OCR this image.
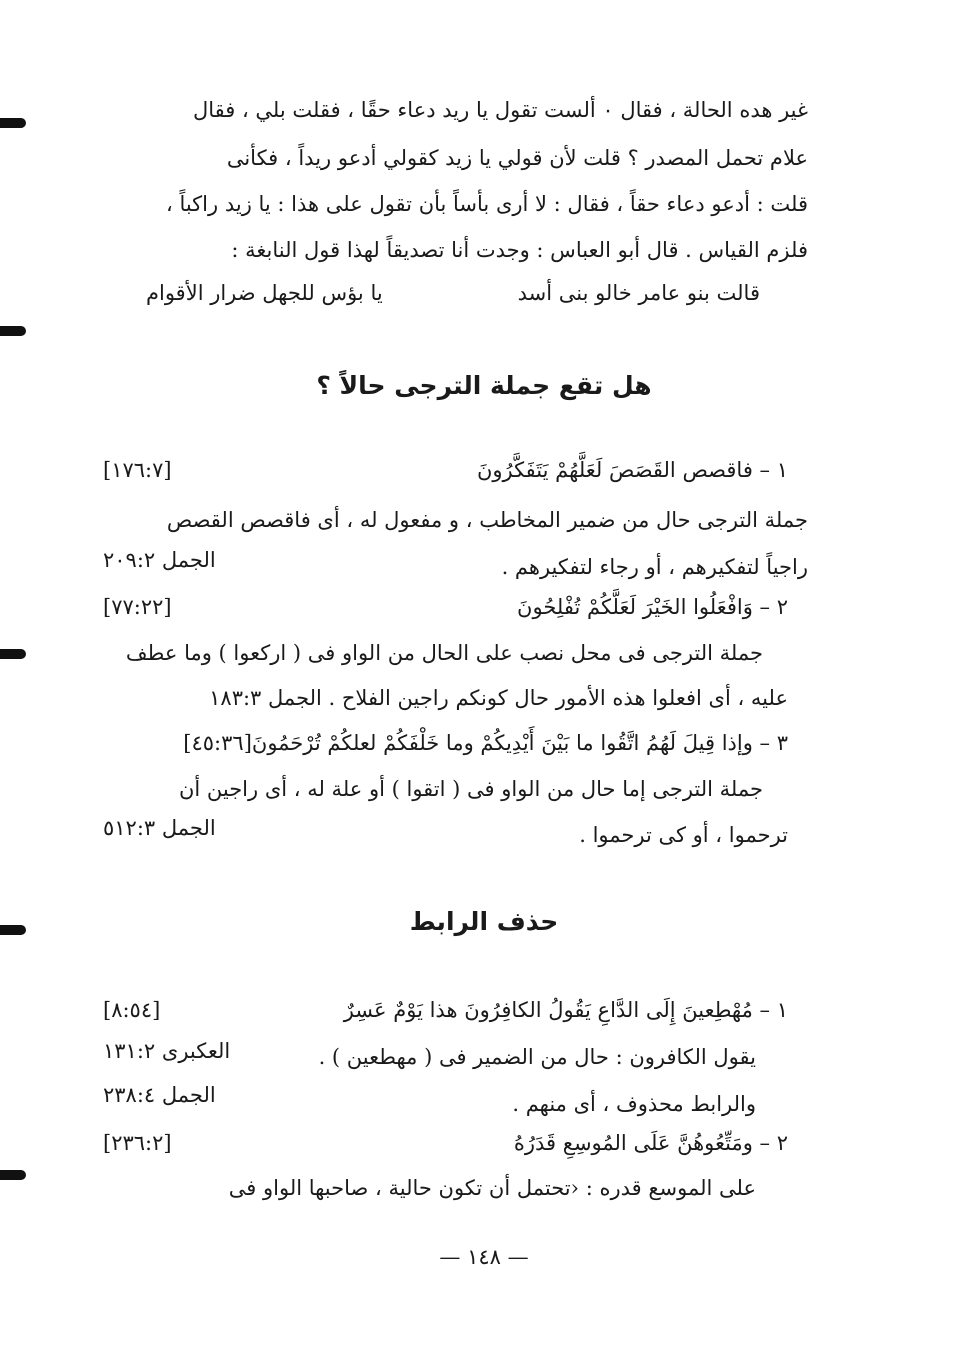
غير هده الحالة ، فقال ٠ ألست تقول يا ريد دعاء حقًا ، فقلت بلي ، فقال
علام تحمل المصدر ؟ قلت لأن قولي يا زيد كقولي أدعو ريداً ، فكأنى
قلت : أدعو دعاء حقاً ، فقال : لا أرى بأساً بأن تقول على هذا : يا زيد راكباً ،
فلزم القياس . قال أبو العباس : وجدت أنا تصديقاً لهذا قول النابغة :
قالت بنو عامر خالو بنى أسد
يا بؤس للجهل ضرار الأقوام
هل تقع جملة الترجى حالاً ؟
١ – فاقصص القَصَصَ لَعَلَّهُمْ يَتَفَكَّرُونَ
[١٧٦:٧]
جملة الترجى حال من ضمير المخاطب ، و مفعول له ، أى فاقصص القصص
راجياً لتفكيرهم ، أو رجاء لتفكيرهم .
الجمل ٢٠٩:٢
٢ – وَافْعَلُوا الخَيْرَ لَعَلَّكُمْ تُفْلِحُونَ
[٧٧:٢٢]
جملة الترجى فى محل نصب على الحال من الواو فى ( اركعوا ) وما عطف
عليه ، أى افعلوا هذه الأمور حال كونكم راجين الفلاح . الجمل ١٨٣:٣
٣ – وإذا قِيلَ لَهُمُ اتَّقُوا ما بَيْنَ أَيْدِيكُمْ وما خَلْفَكُمْ لعلكُمْ تُرْحَمُونَ[٤٥:٣٦]
جملة الترجى إما حال من الواو فى ( اتقوا ) أو علة له ، أى راجين أن
ترحموا ، أو كى ترحموا .
الجمل ٥١٢:٣
حذف الرابط
١ – مُهْطِعينَ إِلَى الدَّاعِ يَقُولُ الكافِرُونَ هذا يَوْمٌ عَسِرٌ
[٨:٥٤]
يقول الكافرون : حال من الضمير فى ( مهطعين ) .
العكبرى ١٣١:٢
والرابط محذوف ، أى منهم .
الجمل ٢٣٨:٤
٢ – ومَتِّعُوهُنَّ عَلَى المُوسِعِ قَدَرُهُ
[٢٣٦:٢]
على الموسع قدره : ‹تحتمل أن تكون حالية ، صاحبها الواو فى
— ١٤٨ —
